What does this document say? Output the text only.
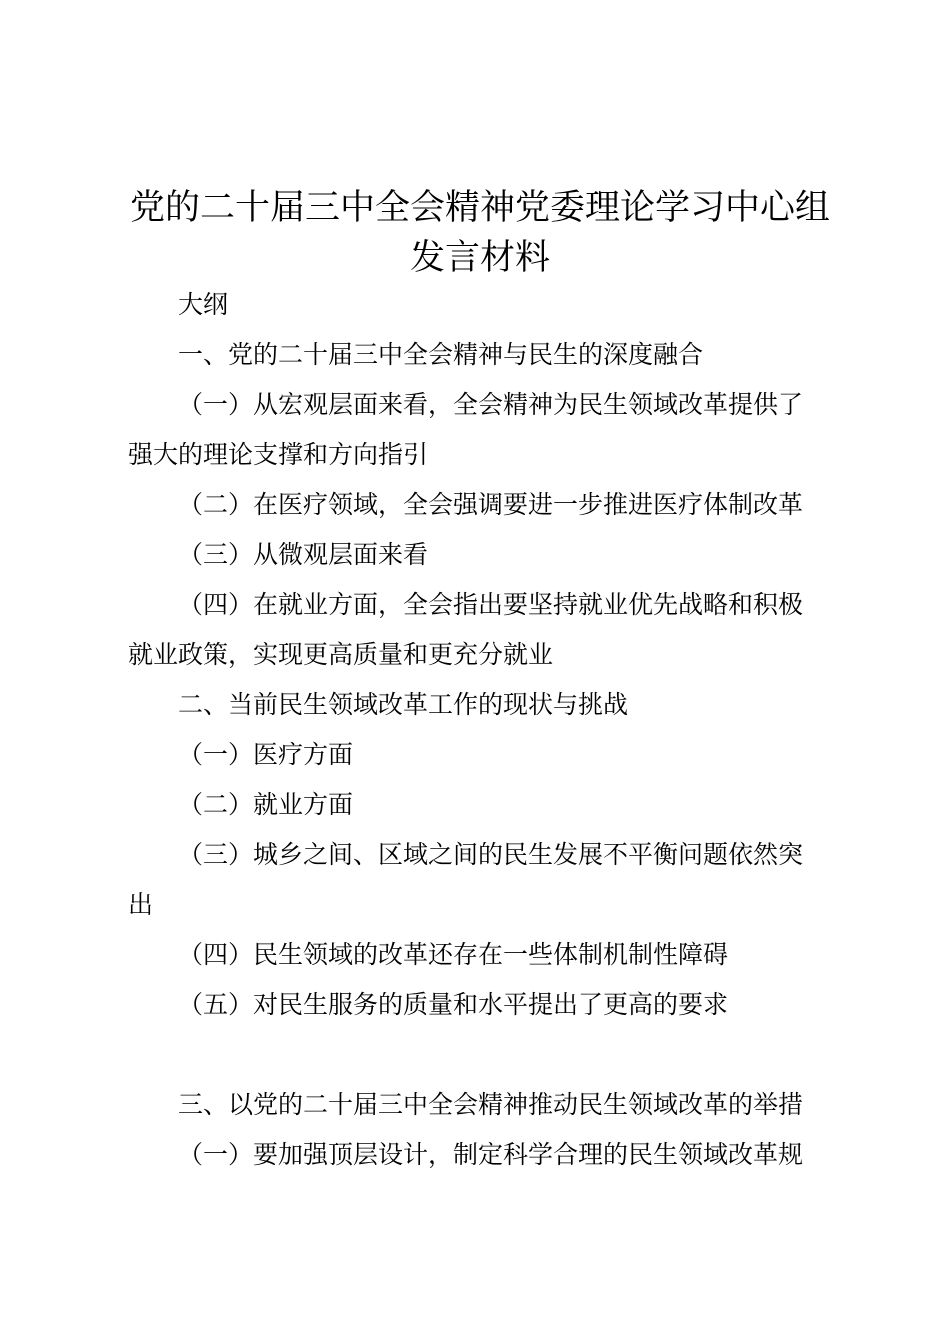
党的二十届三中全会精神党委理论学习中心组
发言材料
大纲
一、党的二十届三中全会精神与民生的深度融合
（一）从宏观层面来看，全会精神为民生领域改革提供了
强大的理论支撑和方向指引
（二）在医疗领域，全会强调要进一步推进医疗体制改革
（三）从微观层面来看
（四）在就业方面，全会指出要坚持就业优先战略和积极
就业政策，实现更高质量和更充分就业
二、当前民生领域改革工作的现状与挑战
（一）医疗方面
（二）就业方面
（三）城乡之间、区域之间的民生发展不平衡问题依然突
出
（四）民生领域的改革还存在一些体制机制性障碍
（五）对民生服务的质量和水平提出了更高的要求
三、以党的二十届三中全会精神推动民生领域改革的举措
（一）要加强顶层设计，制定科学合理的民生领域改革规
